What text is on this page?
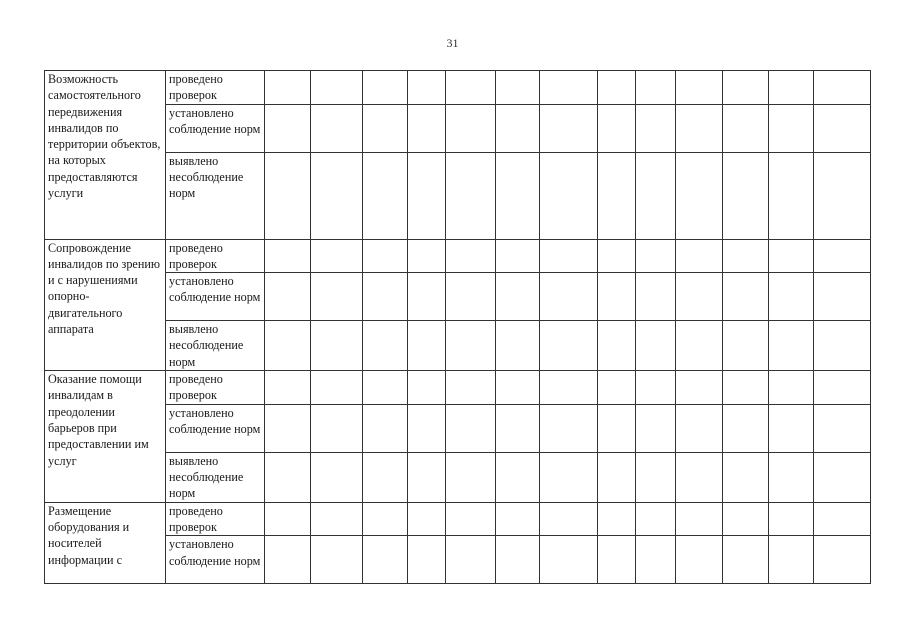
31
Возможность самостоятельного передвижения инвалидов по территории объектов, на которых предоставляются услуги	проведено проверок													
	установлено соблюдение норм													
	выявлено несоблюдение норм													
Сопровождение инвалидов по зрению и с нарушениями опорно-двигательного аппарата	проведено проверок													
	установлено соблюдение норм													
	выявлено несоблюдение норм													
Оказание помощи инвалидам в преодолении барьеров при предоставлении им услуг	проведено проверок													
	установлено соблюдение норм													
	выявлено несоблюдение норм													
Размещение оборудования и носителей информации с	проведено проверок													
	установлено соблюдение норм													
